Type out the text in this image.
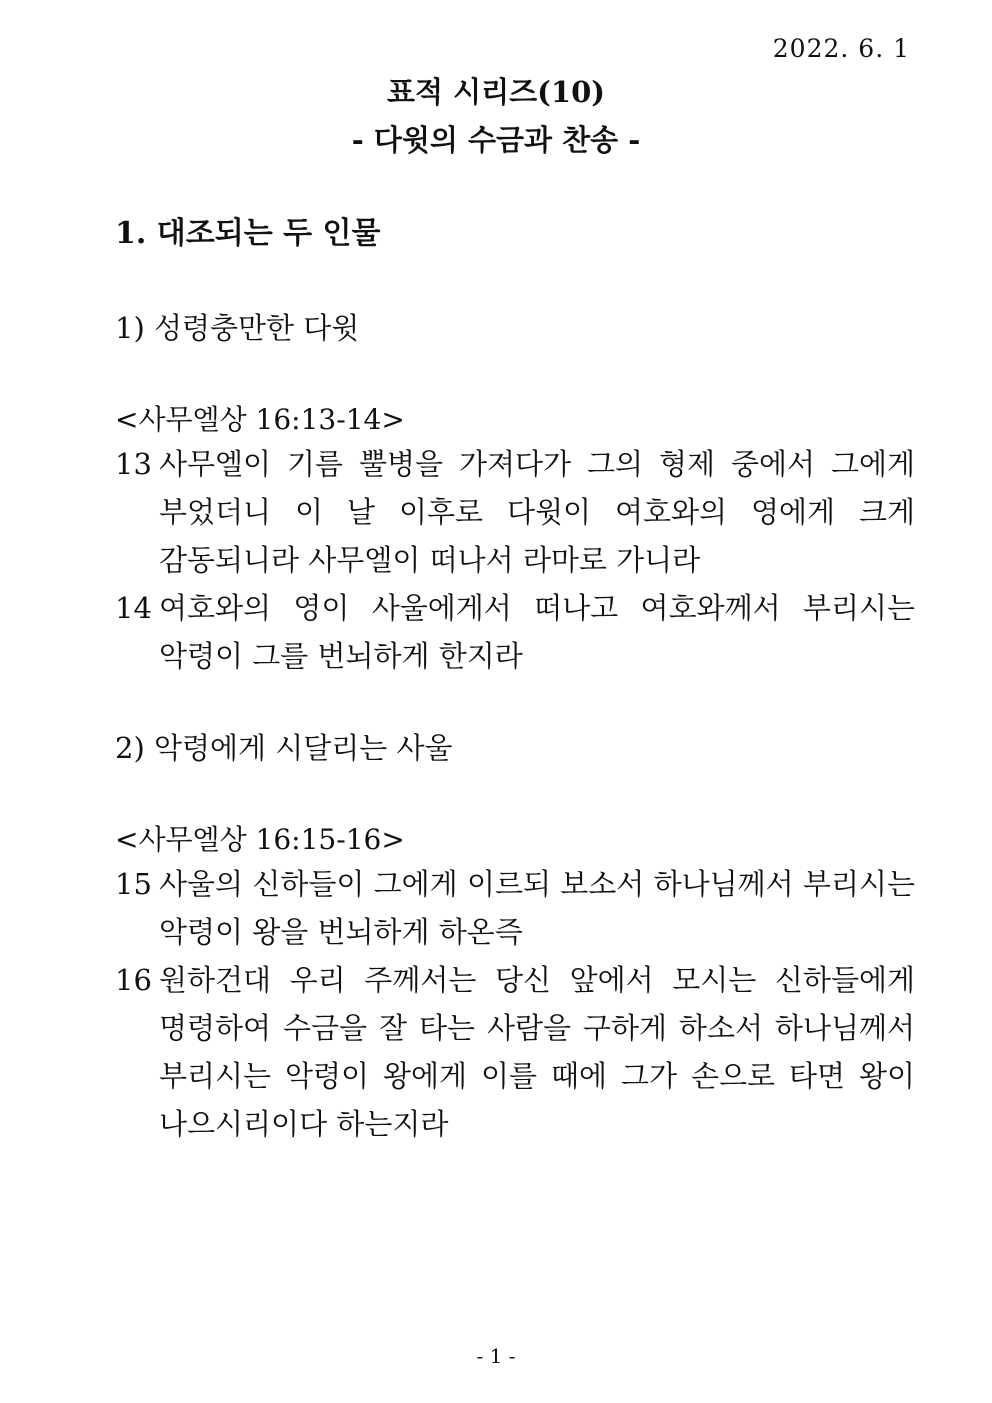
2022. 6. 1
표적 시리즈(10)
- 다윗의 수금과 찬송 -
1. 대조되는 두 인물
1) 성령충만한 다윗
<사무엘상 16:13-14>
13 사무엘이 기름 뿔병을 가져다가 그의 형제 중에서 그에게 부었더니 이 날 이후로 다윗이 여호와의 영에게 크게 감동되니라 사무엘이 떠나서 라마로 가니라
14 여호와의 영이 사울에게서 떠나고 여호와께서 부리시는 악령이 그를 번뇌하게 한지라
2) 악령에게 시달리는 사울
<사무엘상 16:15-16>
15 사울의 신하들이 그에게 이르되 보소서 하나님께서 부리시는 악령이 왕을 번뇌하게 하온즉
16 원하건대 우리 주께서는 당신 앞에서 모시는 신하들에게 명령하여 수금을 잘 타는 사람을 구하게 하소서 하나님께서 부리시는 악령이 왕에게 이를 때에 그가 손으로 타면 왕이 나으시리이다 하는지라
- 1 -
